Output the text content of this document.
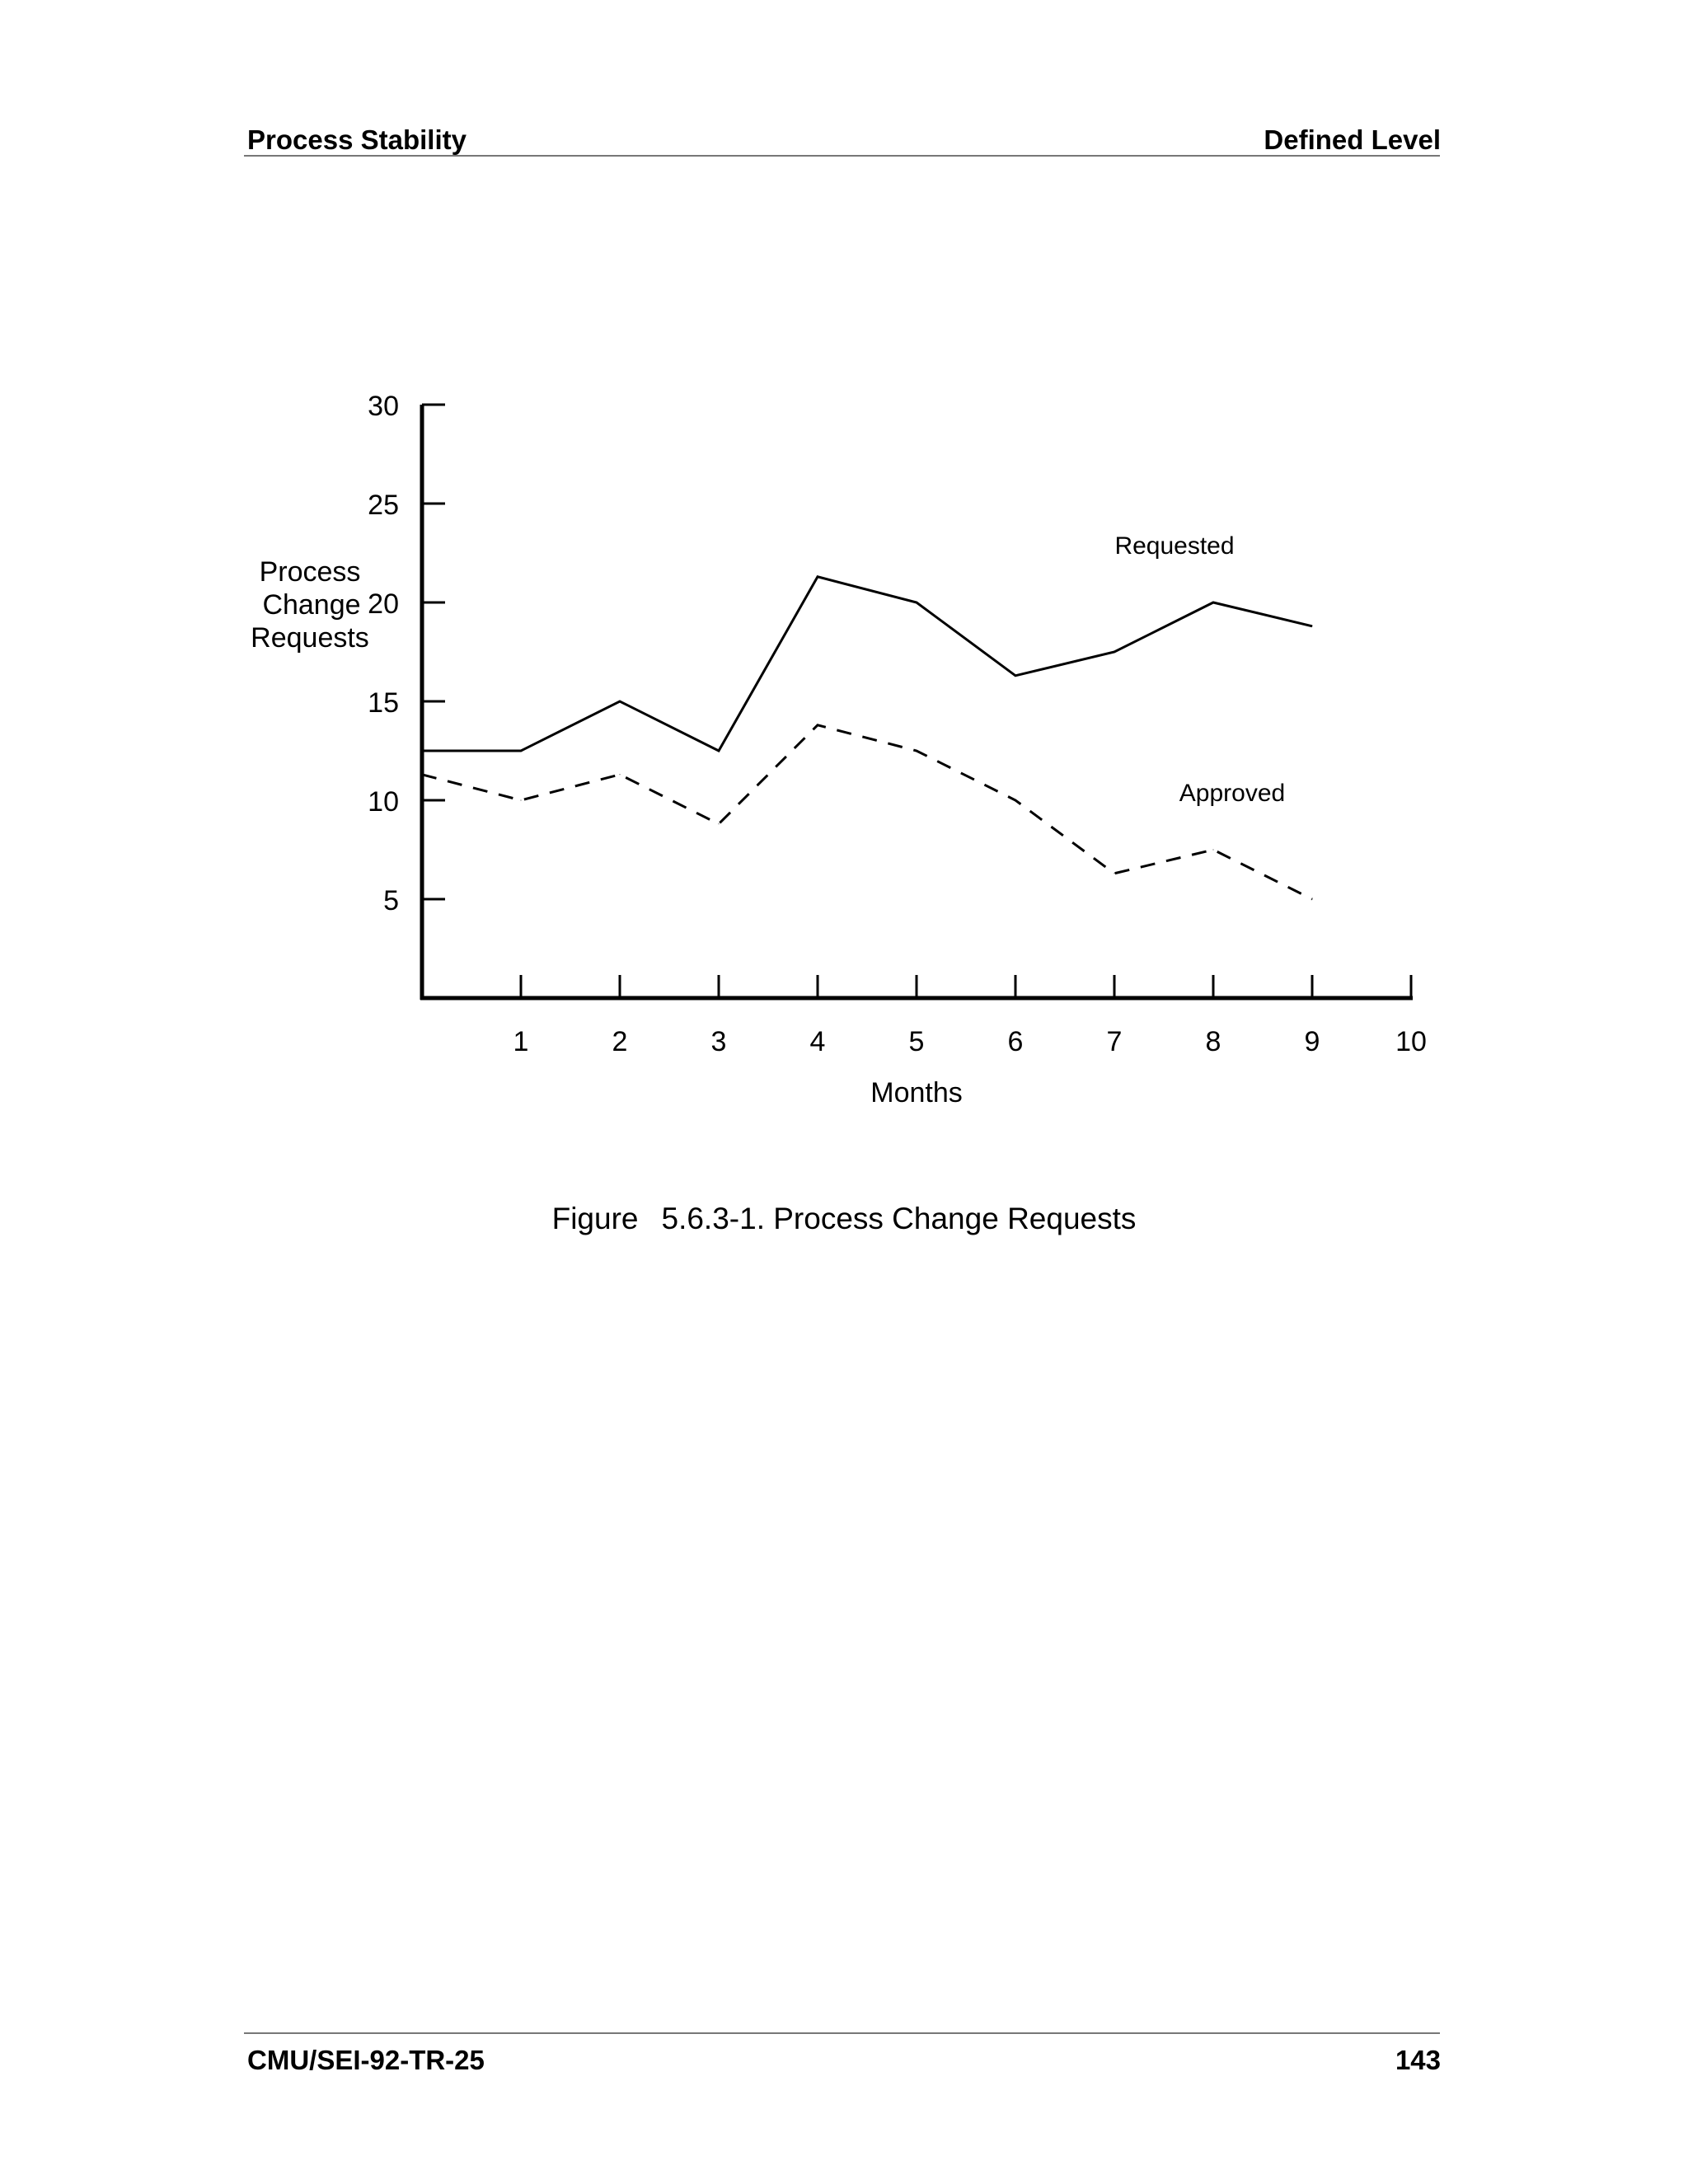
Process Stability	Defined Level
5
10
15
20
25
30
1	2	3	4	5	6	7	8	9	10
Months
Process
Change
Requests
Requested
Approved
Figure 5.6.3-1. Process Change Requests
CMU/SEI-92-TR-25	143
